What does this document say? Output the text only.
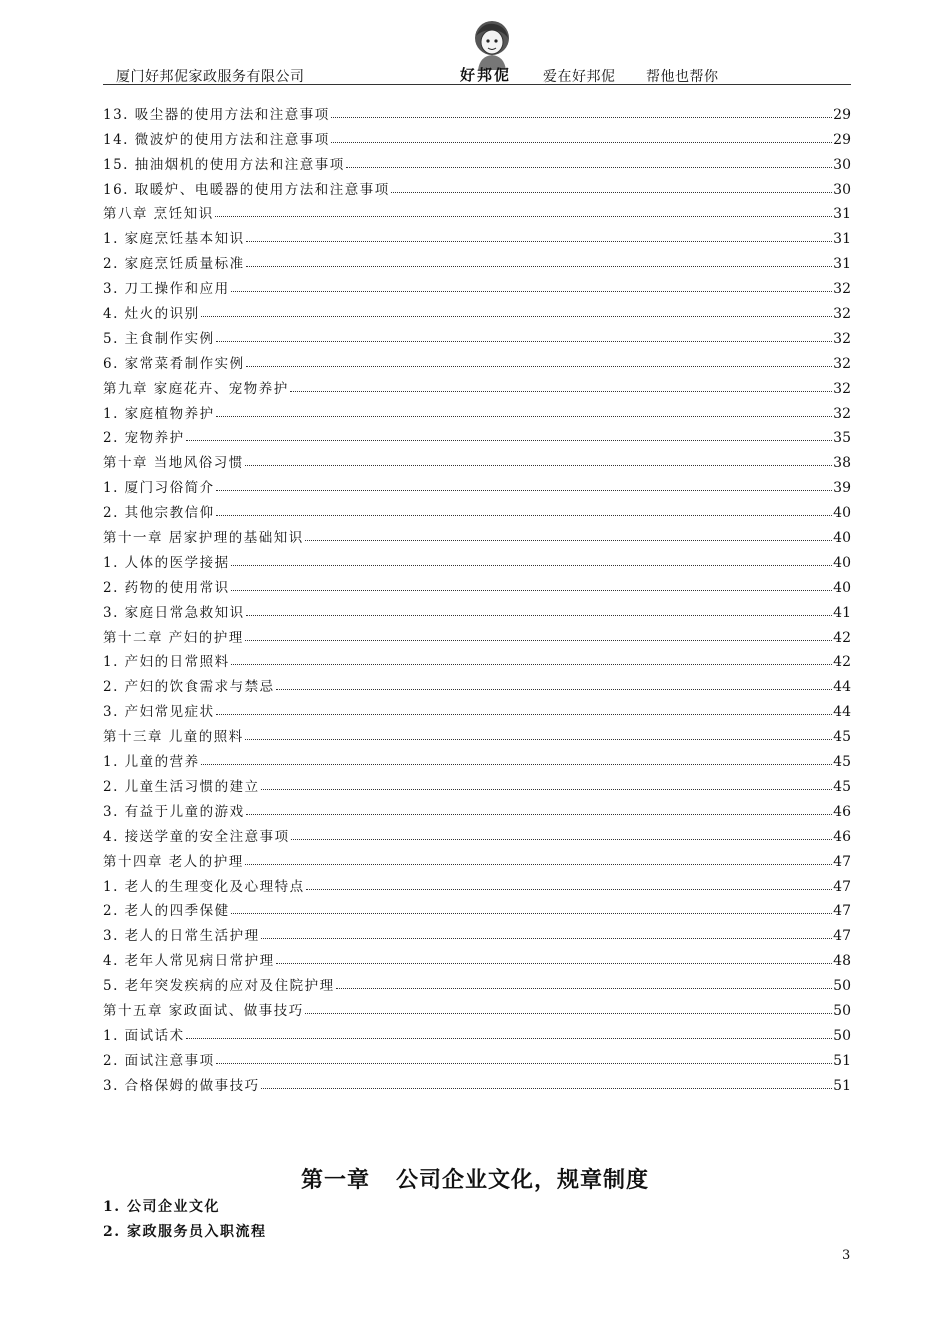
厦门好邦伲家政服务有限公司	好邦伲 爱在好邦伲 帮他也帮你
13. 吸尘器的使用方法和注意事项	29
14. 微波炉的使用方法和注意事项	29
15. 抽油烟机的使用方法和注意事项	30
16. 取暖炉、电暖器的使用方法和注意事项	30
第八章 烹饪知识	31
1. 家庭烹饪基本知识	31
2. 家庭烹饪质量标准	31
3. 刀工操作和应用	32
4. 灶火的识别	32
5. 主食制作实例	32
6. 家常菜肴制作实例	32
第九章 家庭花卉、宠物养护	32
1. 家庭植物养护	32
2. 宠物养护	35
第十章 当地风俗习惯	38
1. 厦门习俗简介	39
2. 其他宗教信仰	40
第十一章 居家护理的基础知识	40
1. 人体的医学接据	40
2. 药物的使用常识	40
3. 家庭日常急救知识	41
第十二章 产妇的护理	42
1. 产妇的日常照料	42
2. 产妇的饮食需求与禁忌	44
3. 产妇常见症状	44
第十三章 儿童的照料	45
1. 儿童的营养	45
2. 儿童生活习惯的建立	45
3. 有益于儿童的游戏	46
4. 接送学童的安全注意事项	46
第十四章 老人的护理	47
1. 老人的生理变化及心理特点	47
2. 老人的四季保健	47
3. 老人的日常生活护理	47
4. 老年人常见病日常护理	48
5. 老年突发疾病的应对及住院护理	50
第十五章 家政面试、做事技巧	50
1. 面试话术	50
2. 面试注意事项	51
3. 合格保姆的做事技巧	51
第一章 公司企业文化，规章制度
1. 公司企业文化
2. 家政服务员入职流程
3
